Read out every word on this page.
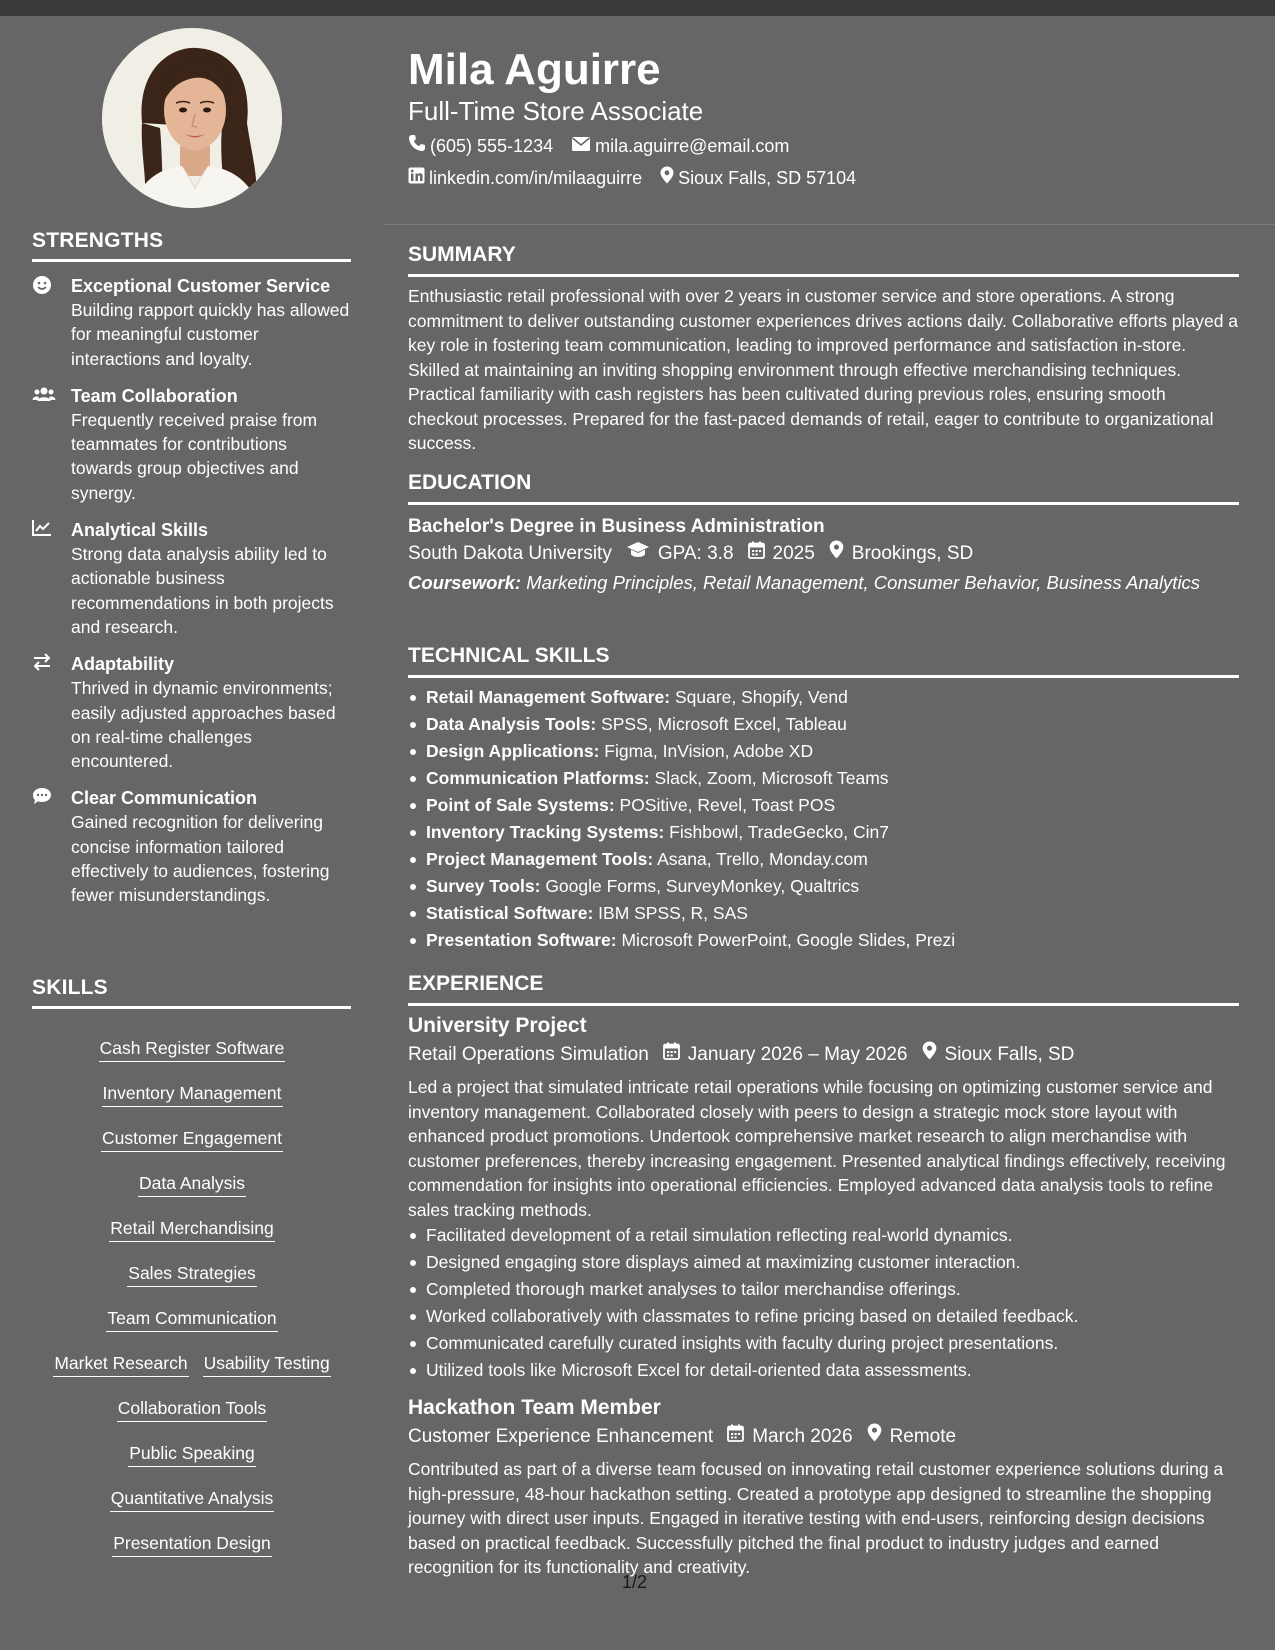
STRENGTHS
Exceptional Customer Service
Building rapport quickly has allowed for meaningful customer interactions and loyalty.
Team Collaboration
Frequently received praise from teammates for contributions towards group objectives and synergy.
Analytical Skills
Strong data analysis ability led to actionable business recommendations in both projects and research.
Adaptability
Thrived in dynamic environments; easily adjusted approaches based on real-time challenges encountered.
Clear Communication
Gained recognition for delivering concise information tailored effectively to audiences, fostering fewer misunderstandings.
SKILLS
Cash Register Software
Inventory Management
Customer Engagement
Data Analysis
Retail Merchandising
Sales Strategies
Team Communication
Market Research Usability Testing
Collaboration Tools
Public Speaking
Quantitative Analysis
Presentation Design
Mila Aguirre
Full-Time Store Associate
(605) 555-1234 mila.aguirre@email.com
linkedin.com/in/milaaguirre Sioux Falls, SD 57104
SUMMARY
Enthusiastic retail professional with over 2 years in customer service and store operations. A strong commitment to deliver outstanding customer experiences drives actions daily. Collaborative efforts played a key role in fostering team communication, leading to improved performance and satisfaction in-store. Skilled at maintaining an inviting shopping environment through effective merchandising techniques. Practical familiarity with cash registers has been cultivated during previous roles, ensuring smooth checkout processes. Prepared for the fast-paced demands of retail, eager to contribute to organizational success.
EDUCATION
Bachelor's Degree in Business Administration
South Dakota University GPA: 3.8 2025 Brookings, SD
Coursework: Marketing Principles, Retail Management, Consumer Behavior, Business Analytics
TECHNICAL SKILLS
Retail Management Software: Square, Shopify, Vend
Data Analysis Tools: SPSS, Microsoft Excel, Tableau
Design Applications: Figma, InVision, Adobe XD
Communication Platforms: Slack, Zoom, Microsoft Teams
Point of Sale Systems: POSitive, Revel, Toast POS
Inventory Tracking Systems: Fishbowl, TradeGecko, Cin7
Project Management Tools: Asana, Trello, Monday.com
Survey Tools: Google Forms, SurveyMonkey, Qualtrics
Statistical Software: IBM SPSS, R, SAS
Presentation Software: Microsoft PowerPoint, Google Slides, Prezi
EXPERIENCE
University Project
Retail Operations Simulation January 2026 – May 2026 Sioux Falls, SD
Led a project that simulated intricate retail operations while focusing on optimizing customer service and inventory management. Collaborated closely with peers to design a strategic mock store layout with enhanced product promotions. Undertook comprehensive market research to align merchandise with customer preferences, thereby increasing engagement. Presented analytical findings effectively, receiving commendation for insights into operational efficiencies. Employed advanced data analysis tools to refine sales tracking methods.
Facilitated development of a retail simulation reflecting real-world dynamics.
Designed engaging store displays aimed at maximizing customer interaction.
Completed thorough market analyses to tailor merchandise offerings.
Worked collaboratively with classmates to refine pricing based on detailed feedback.
Communicated carefully curated insights with faculty during project presentations.
Utilized tools like Microsoft Excel for detail-oriented data assessments.
Hackathon Team Member
Customer Experience Enhancement March 2026 Remote
Contributed as part of a diverse team focused on innovating retail customer experience solutions during a high-pressure, 48-hour hackathon setting. Created a prototype app designed to streamline the shopping journey with direct user inputs. Engaged in iterative testing with end-users, reinforcing design decisions based on practical feedback. Successfully pitched the final product to industry judges and earned recognition for its functionality and creativity.
1/2
